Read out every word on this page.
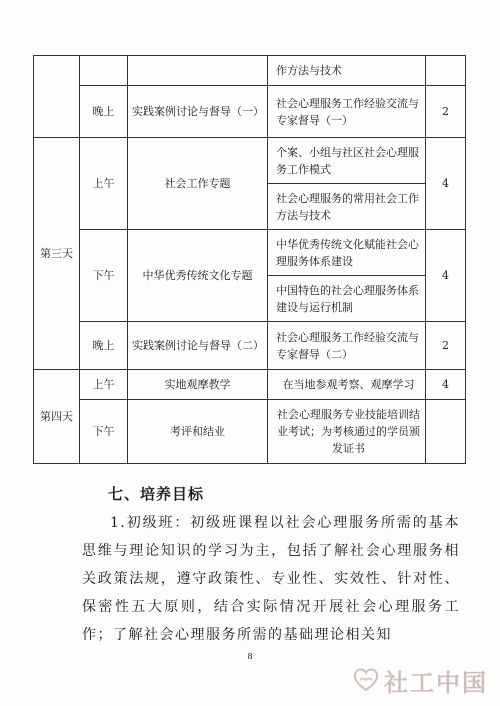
			作方法与技术	
	晚上	实践案例讨论与督导（一）	社会心理服务工作经验交流与专家督导（一）	2
第三天	上午	社会工作专题	个案、小组与社区社会心理服务工作模式	4
			社会心理服务的常用社会工作方法与技术	
	下午	中华优秀传统文化专题	中华优秀传统文化赋能社会心理服务体系建设	4
			中国特色的社会心理服务体系建设与运行机制	
	晚上	实践案例讨论与督导（二）	社会心理服务工作经验交流与专家督导（二）	2
第四天	上午	实地观摩教学	在当地参观考察、观摩学习	4
	下午	考评和结业	社会心理服务专业技能培训结业考试；为考核通过的学员颁发证书	
七、培养目标
1.初级班：初级班课程以社会心理服务所需的基本思维与理论知识的学习为主，包括了解社会心理服务相关政策法规，遵守政策性、专业性、实效性、针对性、保密性五大原则，结合实际情况开展社会心理服务工作；了解社会心理服务所需的基础理论相关知
8
社工中国
